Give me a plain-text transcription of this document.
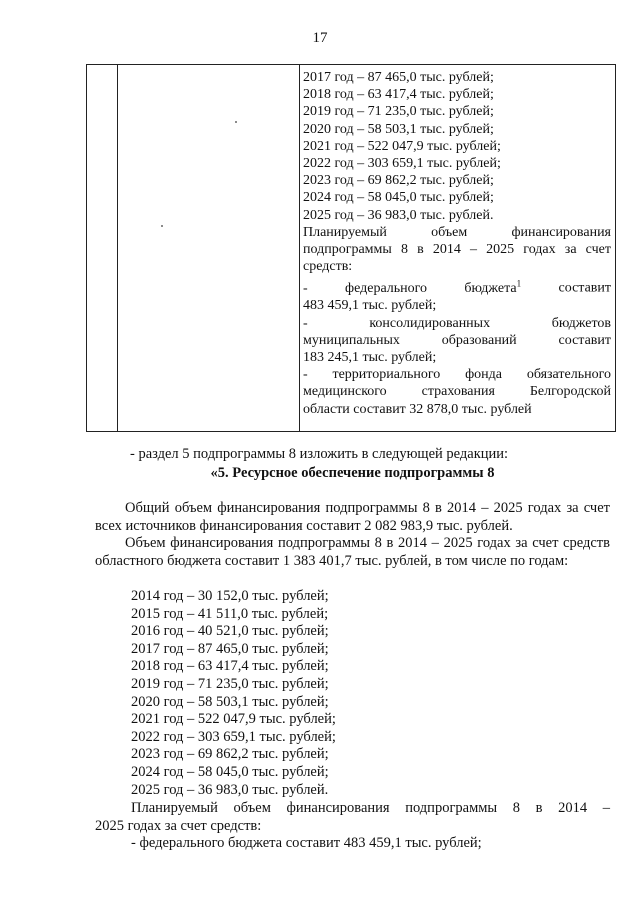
17
2017 год – 87 465,0 тыс. рублей;
2018 год – 63 417,4 тыс. рублей;
2019 год – 71 235,0 тыс. рублей;
2020 год – 58 503,1 тыс. рублей;
2021 год – 522 047,9 тыс. рублей;
2022 год – 303 659,1 тыс. рублей;
2023 год – 69 862,2 тыс. рублей;
2024 год – 58 045,0 тыс. рублей;
2025 год – 36 983,0 тыс. рублей.
Планируемый объем финансирования
подпрограммы 8 в 2014 – 2025 годах за счет
средств:
- федерального бюджета$^1$	составит
483 459,1 тыс. рублей;
- консолидированных бюджетов
муниципальных образований составит
183 245,1 тыс. рублей;
- территориального фонда обязательного
медицинского страхования Белгородской
области составит 32 878,0 тыс. рублей
- раздел 5 подпрограммы 8 изложить в следующей редакции:
«5. Ресурсное обеспечение подпрограммы 8
Общий объем финансирования подпрограммы 8 в 2014 – 2025 годах за счет всех источников финансирования составит 2 082 983,9 тыс. рублей.
Объем финансирования подпрограммы 8 в 2014 – 2025 годах за счет средств областного бюджета составит 1 383 401,7 тыс. рублей, в том числе по годам:
2014 год – 30 152,0 тыс. рублей;
2015 год – 41 511,0 тыс. рублей;
2016 год – 40 521,0 тыс. рублей;
2017 год – 87 465,0 тыс. рублей;
2018 год – 63 417,4 тыс. рублей;
2019 год – 71 235,0 тыс. рублей;
2020 год – 58 503,1 тыс. рублей;
2021 год – 522 047,9 тыс. рублей;
2022 год – 303 659,1 тыс. рублей;
2023 год – 69 862,2 тыс. рублей;
2024 год – 58 045,0 тыс. рублей;
2025 год – 36 983,0 тыс. рублей.
Планируемый объем финансирования подпрограммы 8 в 2014 –
2025 годах за счет средств:
- федерального бюджета составит 483 459,1 тыс. рублей;
